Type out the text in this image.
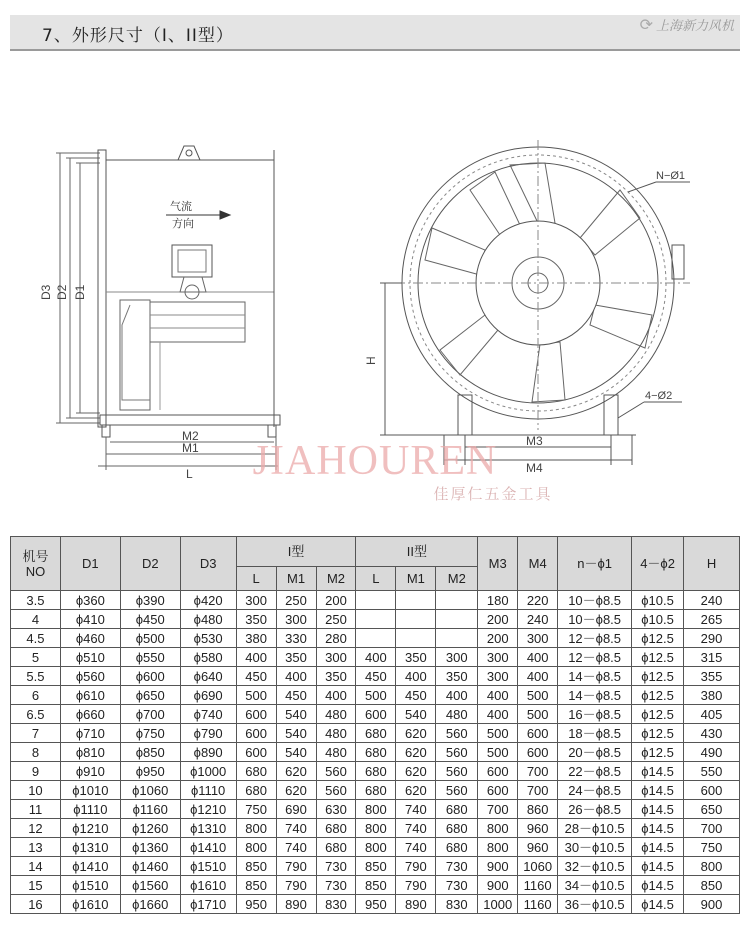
7、外形尺寸（I、II型）
⟳ 上海新力风机
D3 D2 D1
气流
方向
M2
M1
L
N−Ø1
4−Ø2
H
M3
M4
JIAHOUREN
佳厚仁五金工具
机号
NO	D1	D2	D3	I型			II型			M3	M4	n－ϕ1	4－ϕ2	H
				L	M1	M2	L	M1	M2					
3.5	ϕ360	ϕ390	ϕ420	300	250	200				180	220	10－ϕ8.5	ϕ10.5	240
4	ϕ410	ϕ450	ϕ480	350	300	250				200	240	10－ϕ8.5	ϕ10.5	265
4.5	ϕ460	ϕ500	ϕ530	380	330	280				200	300	12－ϕ8.5	ϕ12.5	290
5	ϕ510	ϕ550	ϕ580	400	350	300	400	350	300	300	400	12－ϕ8.5	ϕ12.5	315
5.5	ϕ560	ϕ600	ϕ640	450	400	350	450	400	350	300	400	14－ϕ8.5	ϕ12.5	355
6	ϕ610	ϕ650	ϕ690	500	450	400	500	450	400	400	500	14－ϕ8.5	ϕ12.5	380
6.5	ϕ660	ϕ700	ϕ740	600	540	480	600	540	480	400	500	16－ϕ8.5	ϕ12.5	405
7	ϕ710	ϕ750	ϕ790	600	540	480	680	620	560	500	600	18－ϕ8.5	ϕ12.5	430
8	ϕ810	ϕ850	ϕ890	600	540	480	680	620	560	500	600	20－ϕ8.5	ϕ12.5	490
9	ϕ910	ϕ950	ϕ1000	680	620	560	680	620	560	600	700	22－ϕ8.5	ϕ14.5	550
10	ϕ1010	ϕ1060	ϕ1110	680	620	560	680	620	560	600	700	24－ϕ8.5	ϕ14.5	600
11	ϕ1110	ϕ1160	ϕ1210	750	690	630	800	740	680	700	860	26－ϕ8.5	ϕ14.5	650
12	ϕ1210	ϕ1260	ϕ1310	800	740	680	800	740	680	800	960	28－ϕ10.5	ϕ14.5	700
13	ϕ1310	ϕ1360	ϕ1410	800	740	680	800	740	680	800	960	30－ϕ10.5	ϕ14.5	750
14	ϕ1410	ϕ1460	ϕ1510	850	790	730	850	790	730	900	1060	32－ϕ10.5	ϕ14.5	800
15	ϕ1510	ϕ1560	ϕ1610	850	790	730	850	790	730	900	1160	34－ϕ10.5	ϕ14.5	850
16	ϕ1610	ϕ1660	ϕ1710	950	890	830	950	890	830	1000	1160	36－ϕ10.5	ϕ14.5	900
